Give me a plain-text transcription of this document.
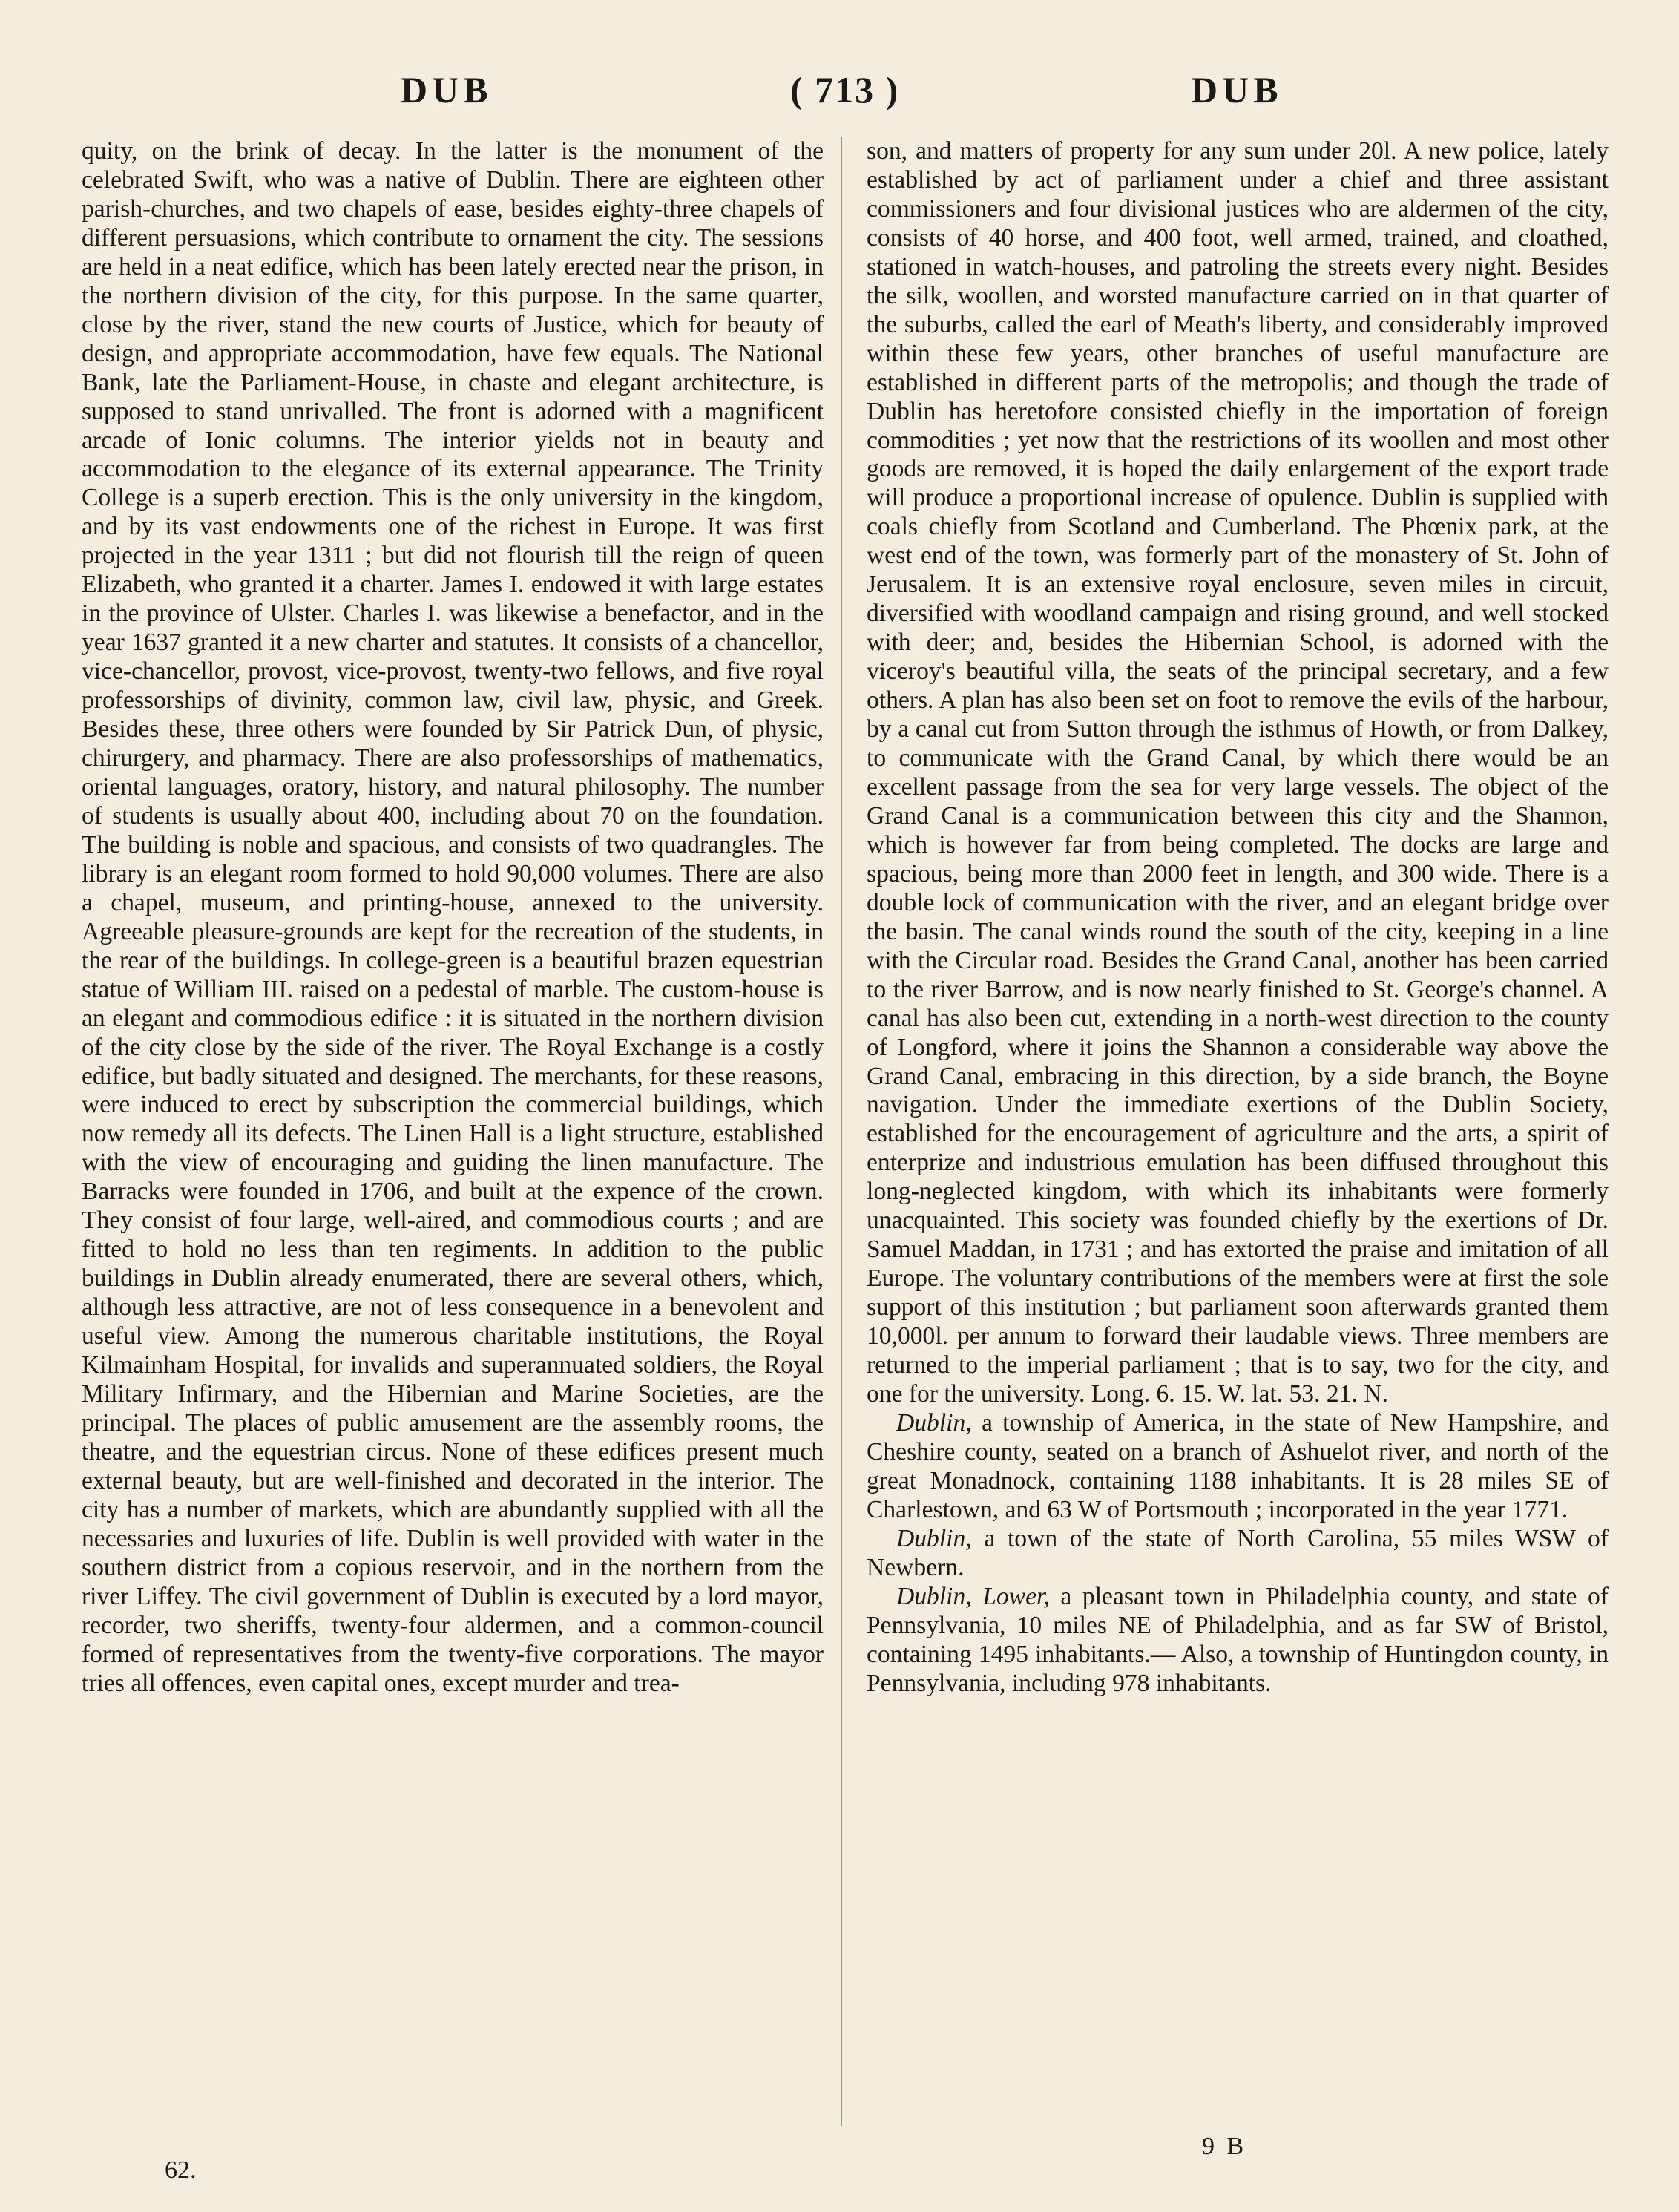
DUB	( 713 )	DUB

quity, on the brink of decay. In the latter is the monument of the celebrated Swift, who was a native of Dublin. There are eighteen other parish-churches, and two chapels of ease, besides eighty-three chapels of different persuasions, which contribute to ornament the city. The sessions are held in a neat edifice, which has been lately erected near the prison, in the northern division of the city, for this purpose. In the same quarter, close by the river, stand the new courts of Justice, which for beauty of design, and appropriate accommodation, have few equals. The National Bank, late the Parliament-House, in chaste and elegant architecture, is supposed to stand unrivalled. The front is adorned with a magnificent arcade of Ionic columns. The interior yields not in beauty and accommodation to the elegance of its external appearance. The Trinity College is a superb erection. This is the only university in the kingdom, and by its vast endowments one of the richest in Europe. It was first projected in the year 1311 ; but did not flourish till the reign of queen Elizabeth, who granted it a charter. James I. endowed it with large estates in the province of Ulster. Charles I. was likewise a benefactor, and in the year 1637 granted it a new charter and statutes. It consists of a chancellor, vice-chancellor, provost, vice-provost, twenty-two fellows, and five royal professorships of divinity, common law, civil law, physic, and Greek. Besides these, three others were founded by Sir Patrick Dun, of physic, chirurgery, and pharmacy. There are also professorships of mathematics, oriental languages, oratory, history, and natural philosophy. The number of students is usually about 400, including about 70 on the foundation. The building is noble and spacious, and consists of two quadrangles. The library is an elegant room formed to hold 90,000 volumes. There are also a chapel, museum, and printing-house, annexed to the university. Agreeable pleasure-grounds are kept for the recreation of the students, in the rear of the buildings. In college-green is a beautiful brazen equestrian statue of William III. raised on a pedestal of marble. The custom-house is an elegant and commodious edifice : it is situated in the northern division of the city close by the side of the river. The Royal Exchange is a costly edifice, but badly situated and designed. The merchants, for these reasons, were induced to erect by subscription the commercial buildings, which now remedy all its defects. The Linen Hall is a light structure, established with the view of encouraging and guiding the linen manufacture. The Barracks were founded in 1706, and built at the expence of the crown. They consist of four large, well-aired, and commodious courts ; and are fitted to hold no less than ten regiments. In addition to the public buildings in Dublin already enumerated, there are several others, which, although less attractive, are not of less consequence in a benevolent and useful view. Among the numerous charitable institutions, the Royal Kilmainham Hospital, for invalids and superannuated soldiers, the Royal Military Infirmary, and the Hibernian and Marine Societies, are the principal. The places of public amusement are the assembly rooms, the theatre, and the equestrian circus. None of these edifices present much external beauty, but are well-finished and decorated in the interior. The city has a number of markets, which are abundantly supplied with all the necessaries and luxuries of life. Dublin is well provided with water in the southern district from a copious reservoir, and in the northern from the river Liffey. The civil government of Dublin is executed by a lord mayor, recorder, two sheriffs, twenty-four aldermen, and a common-council formed of representatives from the twenty-five corporations. The mayor tries all offences, even capital ones, except murder and trea-

son, and matters of property for any sum under 20l. A new police, lately established by act of parliament under a chief and three assistant commissioners and four divisional justices who are aldermen of the city, consists of 40 horse, and 400 foot, well armed, trained, and cloathed, stationed in watch-houses, and patroling the streets every night. Besides the silk, woollen, and worsted manufacture carried on in that quarter of the suburbs, called the earl of Meath's liberty, and considerably improved within these few years, other branches of useful manufacture are established in different parts of the metropolis; and though the trade of Dublin has heretofore consisted chiefly in the importation of foreign commodities ; yet now that the restrictions of its woollen and most other goods are removed, it is hoped the daily enlargement of the export trade will produce a proportional increase of opulence. Dublin is supplied with coals chiefly from Scotland and Cumberland. The Phœnix park, at the west end of the town, was formerly part of the monastery of St. John of Jerusalem. It is an extensive royal enclosure, seven miles in circuit, diversified with woodland campaign and rising ground, and well stocked with deer; and, besides the Hibernian School, is adorned with the viceroy's beautiful villa, the seats of the principal secretary, and a few others. A plan has also been set on foot to remove the evils of the harbour, by a canal cut from Sutton through the isthmus of Howth, or from Dalkey, to communicate with the Grand Canal, by which there would be an excellent passage from the sea for very large vessels. The object of the Grand Canal is a communication between this city and the Shannon, which is however far from being completed. The docks are large and spacious, being more than 2000 feet in length, and 300 wide. There is a double lock of communication with the river, and an elegant bridge over the basin. The canal winds round the south of the city, keeping in a line with the Circular road. Besides the Grand Canal, another has been carried to the river Barrow, and is now nearly finished to St. George's channel. A canal has also been cut, extending in a north-west direction to the county of Longford, where it joins the Shannon a considerable way above the Grand Canal, embracing in this direction, by a side branch, the Boyne navigation. Under the immediate exertions of the Dublin Society, established for the encouragement of agriculture and the arts, a spirit of enterprize and industrious emulation has been diffused throughout this long-neglected kingdom, with which its inhabitants were formerly unacquainted. This society was founded chiefly by the exertions of Dr. Samuel Maddan, in 1731 ; and has extorted the praise and imitation of all Europe. The voluntary contributions of the members were at first the sole support of this institution ; but parliament soon afterwards granted them 10,000l. per annum to forward their laudable views. Three members are returned to the imperial parliament ; that is to say, two for the city, and one for the university. Long. 6. 15. W. lat. 53. 21. N.

Dublin, a township of America, in the state of New Hampshire, and Cheshire county, seated on a branch of Ashuelot river, and north of the great Monadnock, containing 1188 inhabitants. It is 28 miles SE of Charlestown, and 63 W of Portsmouth ; incorporated in the year 1771.

Dublin, a town of the state of North Carolina, 55 miles WSW of Newbern.

Dublin, Lower, a pleasant town in Philadelphia county, and state of Pennsylvania, 10 miles NE of Philadelphia, and as far SW of Bristol, containing 1495 inhabitants.— Also, a township of Huntingdon county, in Pennsylvania, including 978 inhabitants.

62.
9 B
